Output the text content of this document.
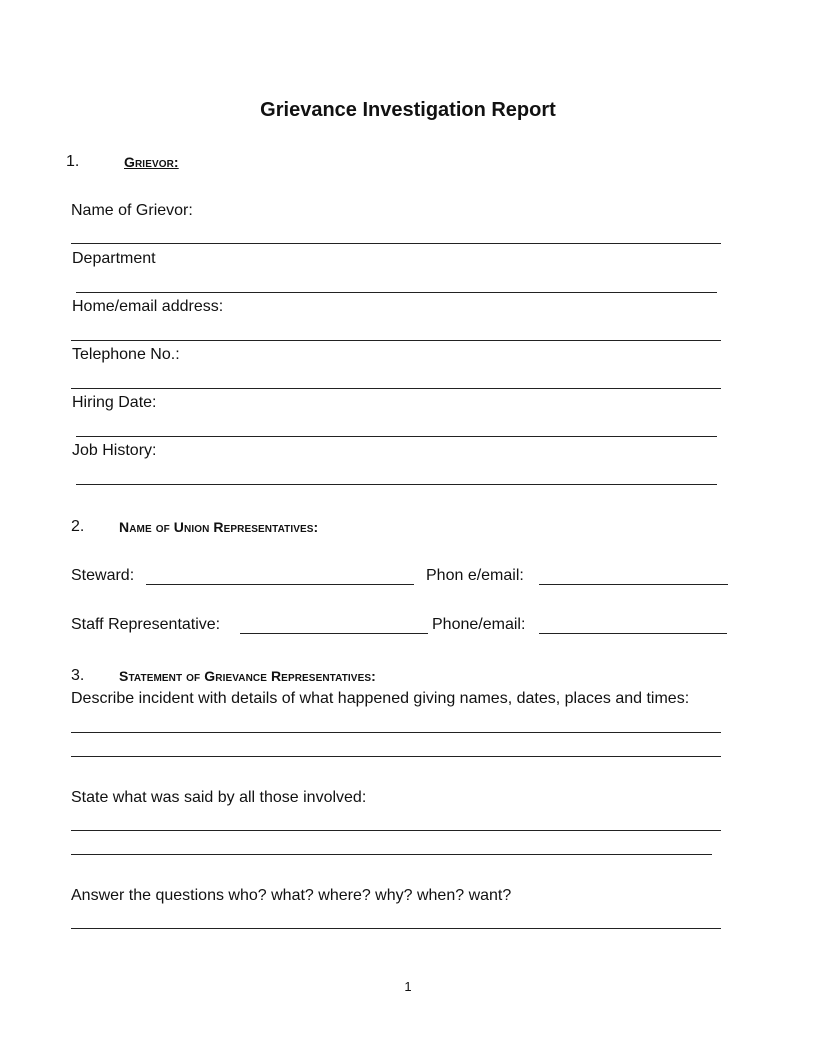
Grievance Investigation Report
1.	Grievor:
Name of Grievor:
Department
Home/email address:
Telephone No.:
Hiring Date:
Job History:
2. Name of Union Representatives:
Steward:	Phon e/email:
Staff Representative:	Phone/email:
3. Statement of Grievance Representatives:
Describe incident with details of what happened giving names, dates, places and times:
State what was said by all those involved:
Answer the questions who? what? where? why? when? want?
1
